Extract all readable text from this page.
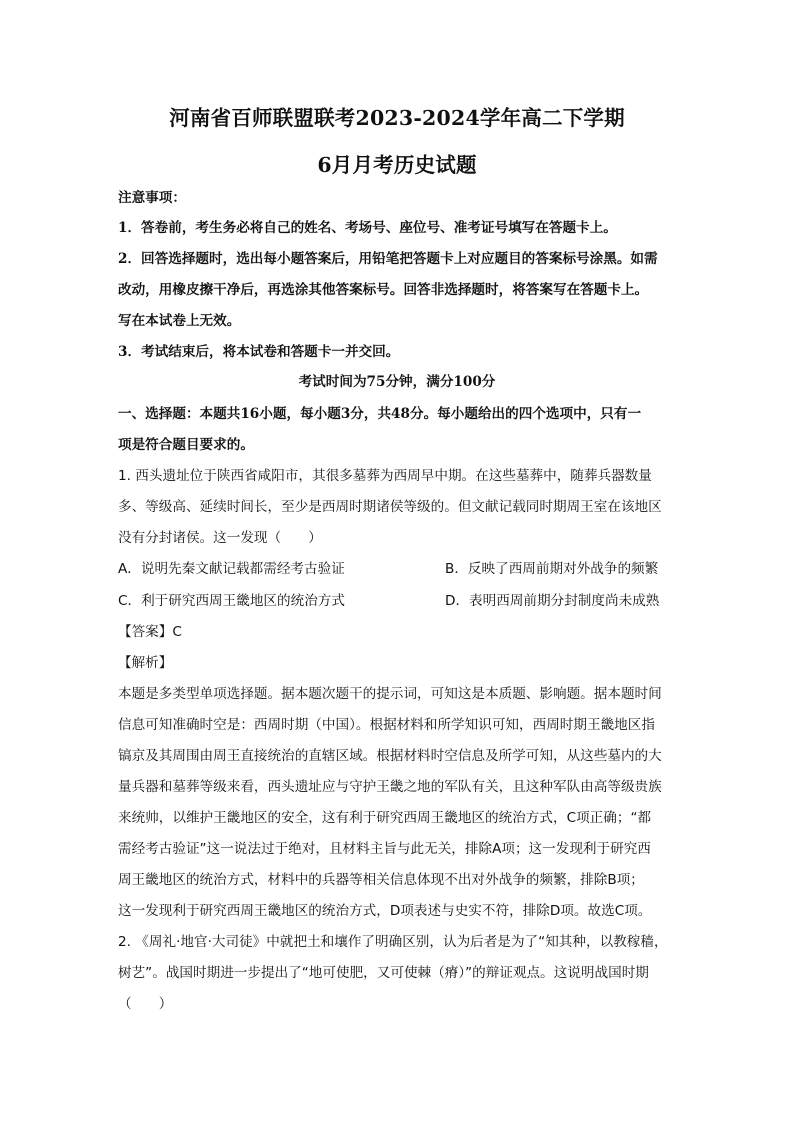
河南省百师联盟联考2023-2024学年高二下学期
6月月考历史试题
注意事项：
1．答卷前，考生务必将自己的姓名、考场号、座位号、准考证号填写在答题卡上。
2．回答选择题时，选出每小题答案后，用铅笔把答题卡上对应题目的答案标号涂黑。如需
改动，用橡皮擦干净后，再选涂其他答案标号。回答非选择题时，将答案写在答题卡上。
写在本试卷上无效。
3．考试结束后，将本试卷和答题卡一并交回。
考试时间为75分钟，满分100分
一、选择题：本题共16小题，每小题3分，共48分。每小题给出的四个选项中，只有一
项是符合题目要求的。
1. 西头遗址位于陕西省咸阳市，其很多墓葬为西周早中期。在这些墓葬中，随葬兵器数量
多、等级高、延续时间长，至少是西周时期诸侯等级的。但文献记载同时期周王室在该地区
没有分封诸侯。这一发现（　　）
A．说明先秦文献记载都需经考古验证	B．反映了西周前期对外战争的频繁
C．利于研究西周王畿地区的统治方式	D．表明西周前期分封制度尚未成熟
【答案】C
【解析】
本题是多类型单项选择题。据本题次题干的提示词，可知这是本质题、影响题。据本题时间
信息可知准确时空是：西周时期（中国）。根据材料和所学知识可知，西周时期王畿地区指
镐京及其周围由周王直接统治的直辖区域。根据材料时空信息及所学可知，从这些墓内的大
量兵器和墓葬等级来看，西头遗址应与守护王畿之地的军队有关，且这种军队由高等级贵族
来统帅，以维护王畿地区的安全，这有利于研究西周王畿地区的统治方式，C项正确；“都
需经考古验证”这一说法过于绝对，且材料主旨与此无关，排除A项；这一发现利于研究西
周王畿地区的统治方式，材料中的兵器等相关信息体现不出对外战争的频繁，排除B项；
这一发现利于研究西周王畿地区的统治方式，D项表述与史实不符，排除D项。故选C项。
2. 《周礼·地官·大司徒》中就把土和壤作了明确区别，认为后者是为了“知其种，以教稼穑，
树艺”。战国时期进一步提出了“地可使肥，又可使棘（瘠）”的辩证观点。这说明战国时期
（　　）
